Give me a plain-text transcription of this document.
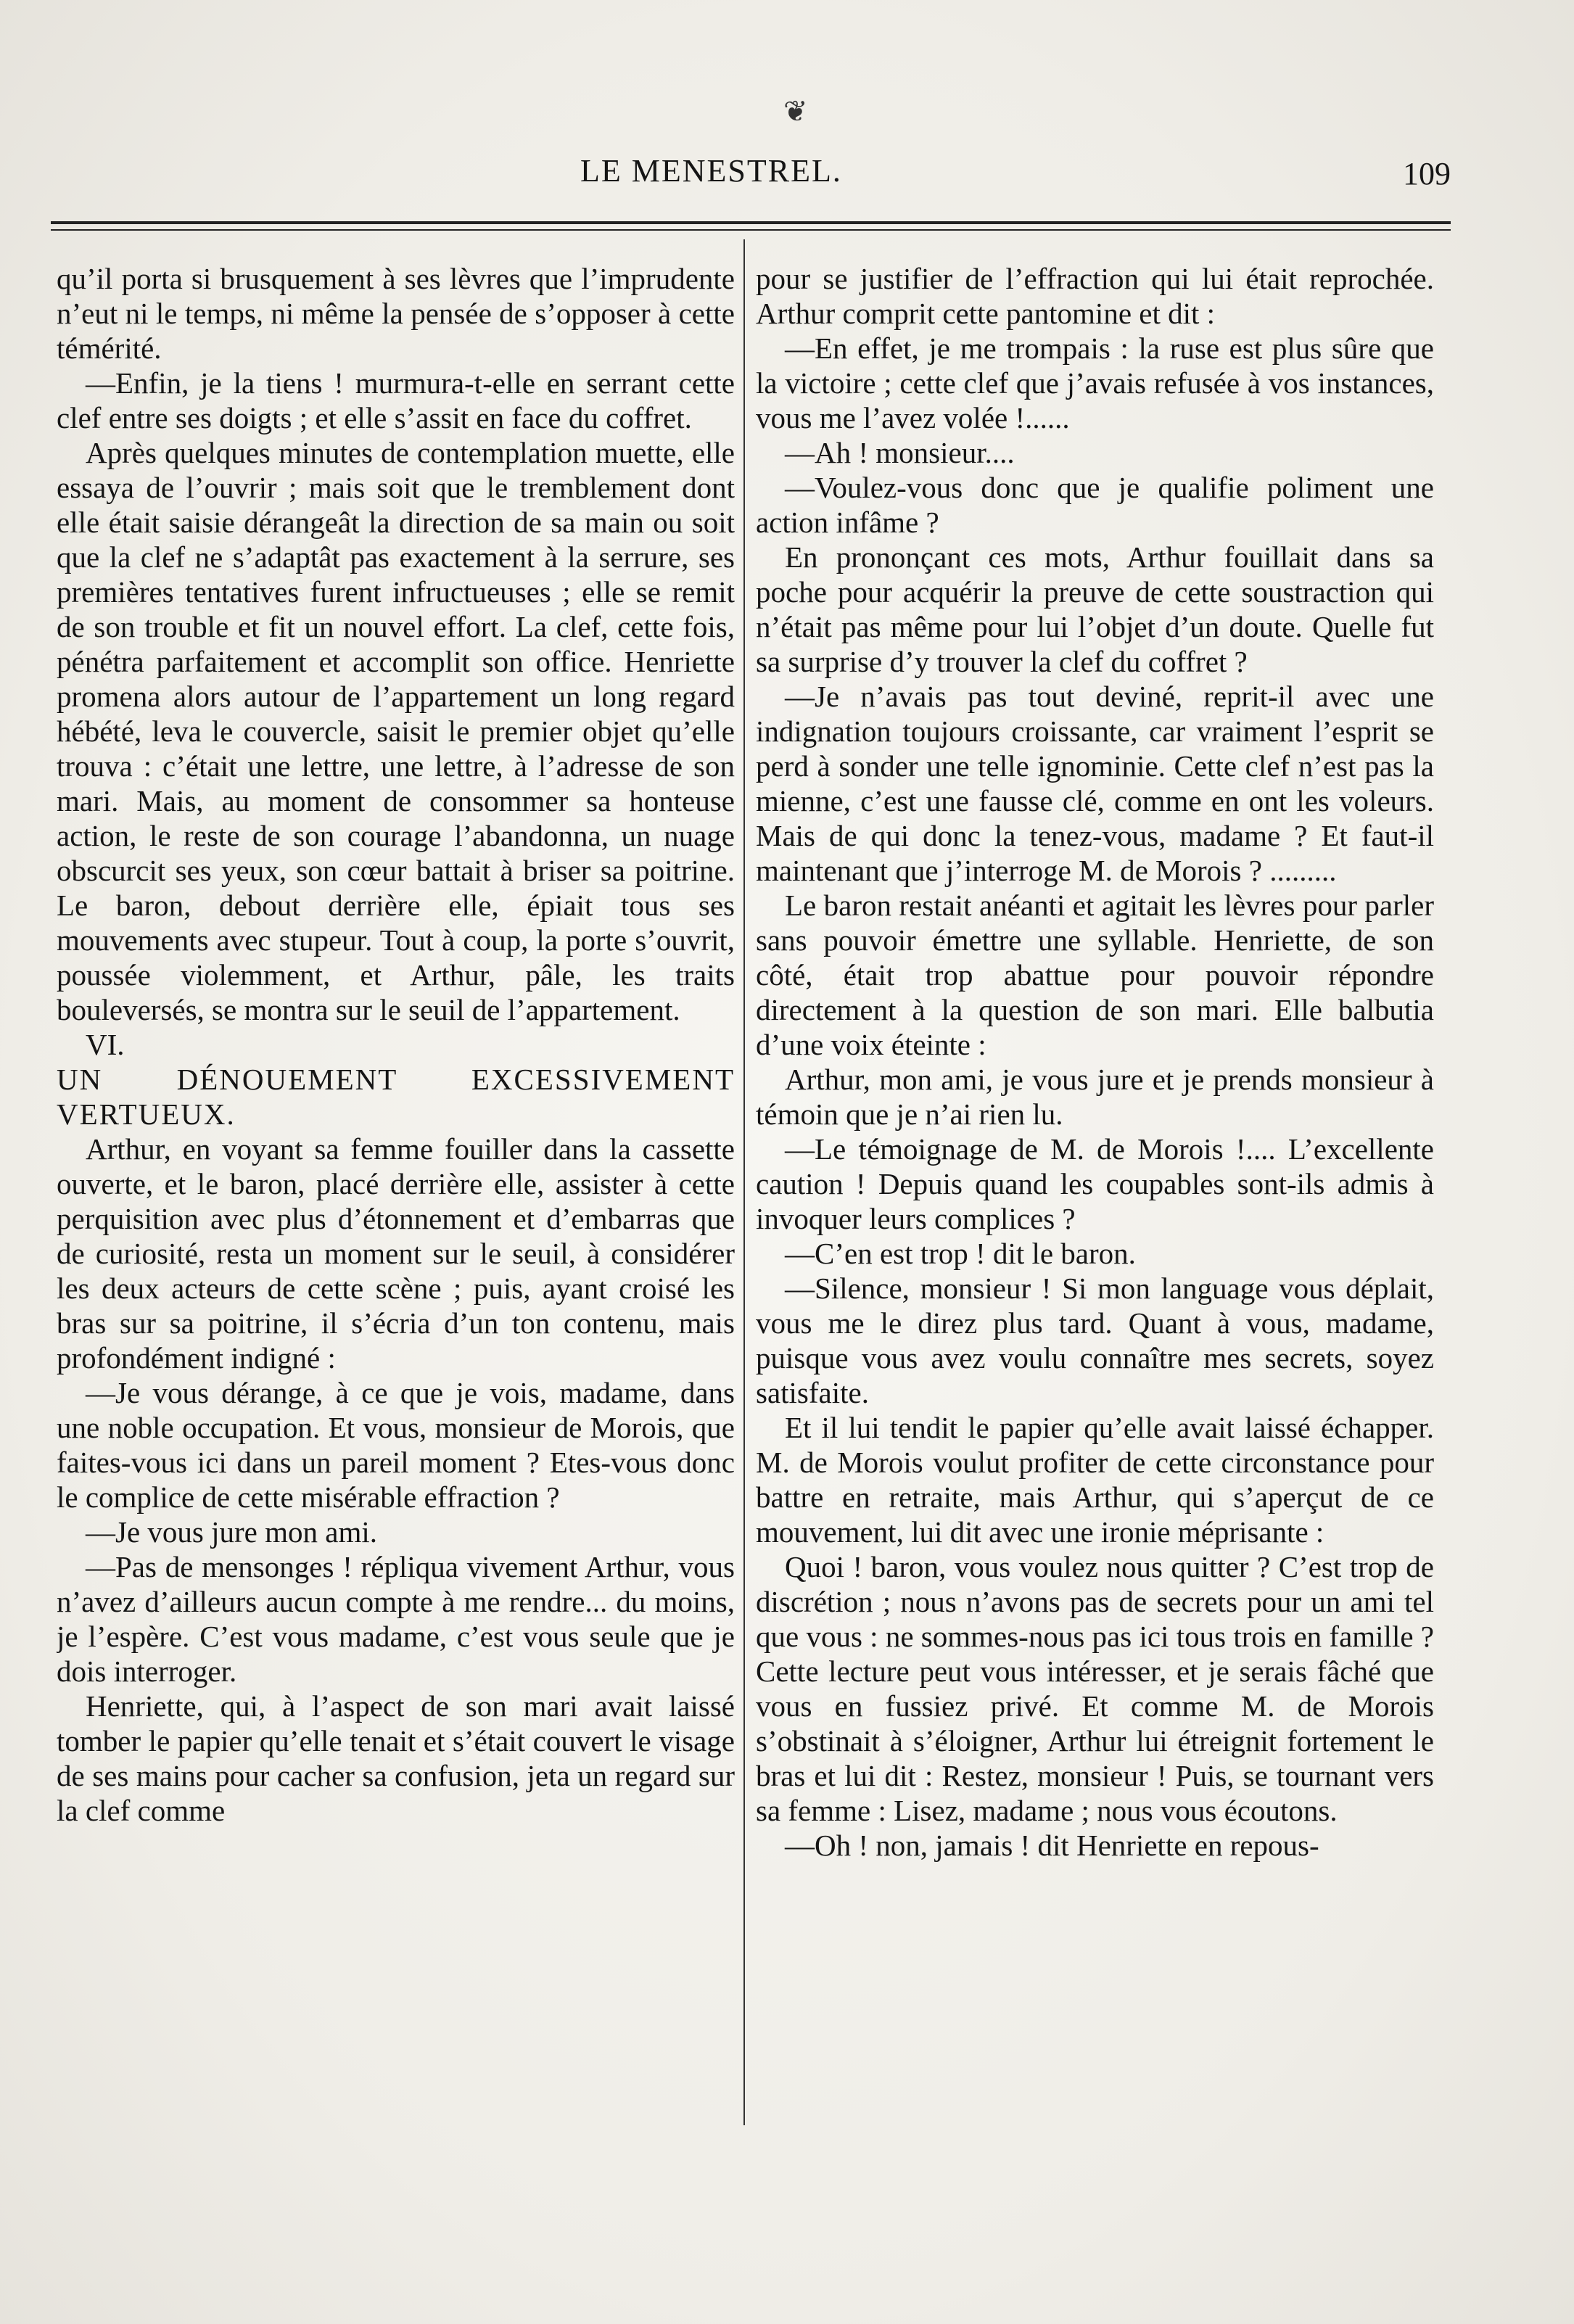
❦
LE MENESTREL.	109

qu’il porta si brusquement à ses lèvres que l’imprudente n’eut ni le temps, ni même la pensée de s’opposer à cette témérité.

—Enfin, je la tiens ! murmura-t-elle en serrant cette clef entre ses doigts ; et elle s’assit en face du coffret.

Après quelques minutes de contemplation muette, elle essaya de l’ouvrir ; mais soit que le tremblement dont elle était saisie dérangeât la direction de sa main ou soit que la clef ne s’adaptât pas exactement à la serrure, ses premières tentatives furent infructueuses ; elle se remit de son trouble et fit un nouvel effort. La clef, cette fois, pénétra parfaitement et accomplit son office. Henriette promena alors autour de l’appartement un long regard hébété, leva le couvercle, saisit le premier objet qu’elle trouva : c’était une lettre, une lettre, à l’adresse de son mari. Mais, au moment de consommer sa honteuse action, le reste de son courage l’abandonna, un nuage obscurcit ses yeux, son cœur battait à briser sa poitrine. Le baron, debout derrière elle, épiait tous ses mouvements avec stupeur. Tout à coup, la porte s’ouvrit, poussée violemment, et Arthur, pâle, les traits bouleversés, se montra sur le seuil de l’appartement.

VI.

UN DÉNOUEMENT EXCESSIVEMENT VERTUEUX.

Arthur, en voyant sa femme fouiller dans la cassette ouverte, et le baron, placé derrière elle, assister à cette perquisition avec plus d’étonnement et d’embarras que de curiosité, resta un moment sur le seuil, à considérer les deux acteurs de cette scène ; puis, ayant croisé les bras sur sa poitrine, il s’écria d’un ton contenu, mais profondément indigné :

—Je vous dérange, à ce que je vois, madame, dans une noble occupation. Et vous, monsieur de Morois, que faites-vous ici dans un pareil moment ? Etes-vous donc le complice de cette misérable effraction ?

—Je vous jure mon ami.

—Pas de mensonges ! répliqua vivement Arthur, vous n’avez d’ailleurs aucun compte à me rendre... du moins, je l’espère. C’est vous madame, c’est vous seule que je dois interroger.

Henriette, qui, à l’aspect de son mari avait laissé tomber le papier qu’elle tenait et s’était couvert le visage de ses mains pour cacher sa confusion, jeta un regard sur la clef comme

pour se justifier de l’effraction qui lui était reprochée. Arthur comprit cette pantomine et dit :

—En effet, je me trompais : la ruse est plus sûre que la victoire ; cette clef que j’avais refusée à vos instances, vous me l’avez volée !......

—Ah ! monsieur....

—Voulez-vous donc que je qualifie poliment une action infâme ?

En prononçant ces mots, Arthur fouillait dans sa poche pour acquérir la preuve de cette soustraction qui n’était pas même pour lui l’objet d’un doute. Quelle fut sa surprise d’y trouver la clef du coffret ?

—Je n’avais pas tout deviné, reprit-il avec une indignation toujours croissante, car vraiment l’esprit se perd à sonder une telle ignominie. Cette clef n’est pas la mienne, c’est une fausse clé, comme en ont les voleurs. Mais de qui donc la tenez-vous, madame ? Et faut-il maintenant que j’interroge M. de Morois ? .........

Le baron restait anéanti et agitait les lèvres pour parler sans pouvoir émettre une syllable. Henriette, de son côté, était trop abattue pour pouvoir répondre directement à la question de son mari. Elle balbutia d’une voix éteinte :

Arthur, mon ami, je vous jure et je prends monsieur à témoin que je n’ai rien lu.

—Le témoignage de M. de Morois !.... L’excellente caution ! Depuis quand les coupables sont-ils admis à invoquer leurs complices ?

—C’en est trop ! dit le baron.

—Silence, monsieur ! Si mon language vous déplait, vous me le direz plus tard. Quant à vous, madame, puisque vous avez voulu connaître mes secrets, soyez satisfaite.

Et il lui tendit le papier qu’elle avait laissé échapper. M. de Morois voulut profiter de cette circonstance pour battre en retraite, mais Arthur, qui s’aperçut de ce mouvement, lui dit avec une ironie méprisante :

Quoi ! baron, vous voulez nous quitter ? C’est trop de discrétion ; nous n’avons pas de secrets pour un ami tel que vous : ne sommes-nous pas ici tous trois en famille ? Cette lecture peut vous intéresser, et je serais fâché que vous en fussiez privé. Et comme M. de Morois s’obstinait à s’éloigner, Arthur lui étreignit fortement le bras et lui dit : Restez, monsieur ! Puis, se tournant vers sa femme : Lisez, madame ; nous vous écoutons.

—Oh ! non, jamais ! dit Henriette en repous-
